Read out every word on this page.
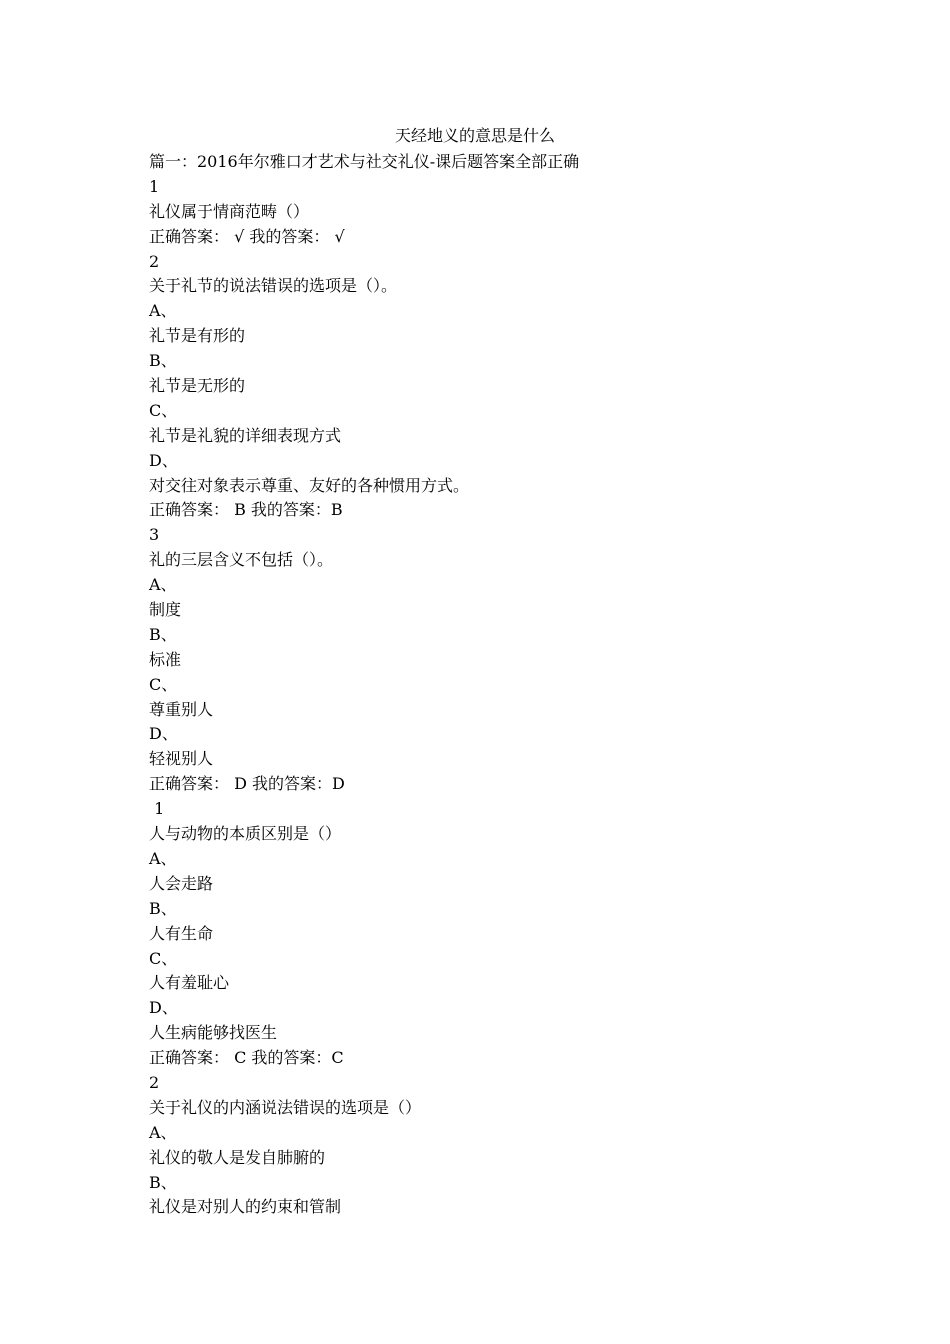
天经地义的意思是什么
篇一：2016年尔雅口才艺术与社交礼仪-课后题答案全部正确
1
礼仪属于情商范畴（）
正确答案： √ 我的答案： √
2
关于礼节的说法错误的选项是（）。
A、
礼节是有形的
B、
礼节是无形的
C、
礼节是礼貌的详细表现方式
D、
对交往对象表示尊重、友好的各种惯用方式。
正确答案： B 我的答案：B
3
礼的三层含义不包括（）。
A、
制度
B、
标准
C、
尊重别人
D、
轻视别人
正确答案： D 我的答案：D
1
人与动物的本质区别是（）
A、
人会走路
B、
人有生命
C、
人有羞耻心
D、
人生病能够找医生
正确答案： C 我的答案：C
2
关于礼仪的内涵说法错误的选项是（）
A、
礼仪的敬人是发自肺腑的
B、
礼仪是对别人的约束和管制
